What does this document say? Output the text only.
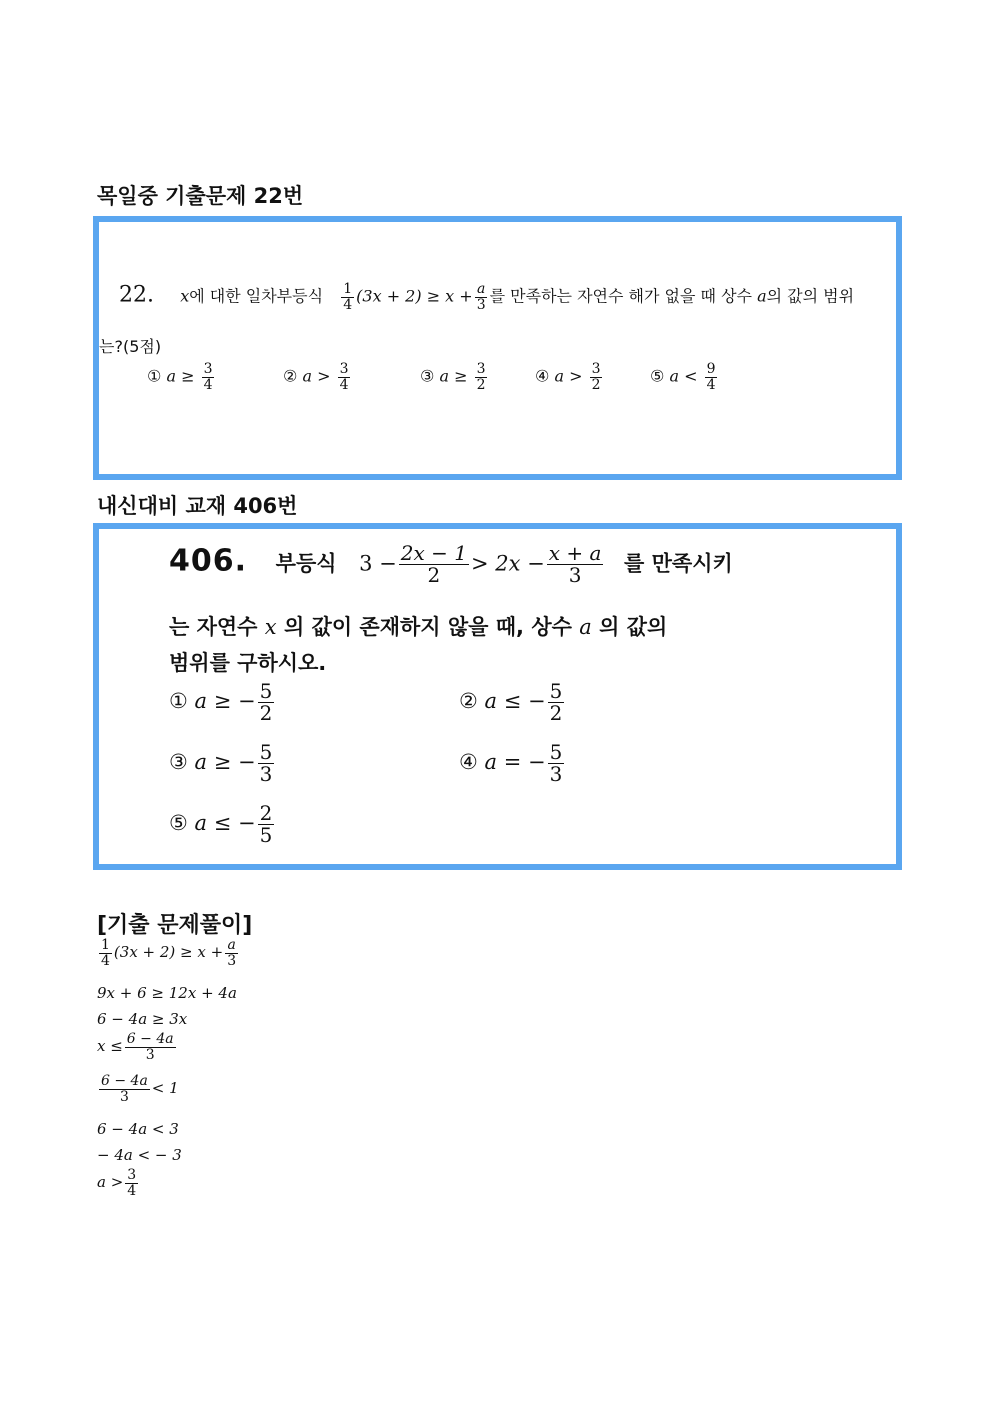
목일중 기출문제 22번
22. x에 대한 일차부등식 $\frac{1}{4} (3x + 2) \ge x + \frac{a}{3}$ 를 만족하는 자연수 해가 없을 때 상수 a의 값의 범위
는?(5점)
① $a \ge \frac{3}{4}$	② $a > \frac{3}{4}$	③ $a \ge \frac{3}{2}$	④ $a > \frac{3}{2}$	⑤ $a < \frac{9}{4}$
내신대비 교재 406번
406. 부등식 $3 - \frac{2x - 1}{2} > 2x - \frac{x + a}{3}$ 를 만족시키
는 자연수 x 의 값이 존재하지 않을 때, 상수 a 의 값의
범위를 구하시오.
① a ≥ − $\frac{5}{2}$	② a ≤ − $\frac{5}{2}$
③ a ≥ − $\frac{5}{3}$	④ a = − $\frac{5}{3}$
⑤ a ≤ − $\frac{2}{5}$
[기출 문제풀이]
$\frac{1}{4} (3x + 2) \ge x + \frac{a}{3}$
9x + 6 ≥ 12x + 4a
6 − 4a ≥ 3x
$x \le \frac{6 - 4a}{3}$
$\frac{6 - 4a}{3} < 1$
6 − 4a < 3
− 4a < − 3
$a > \frac{3}{4}$
